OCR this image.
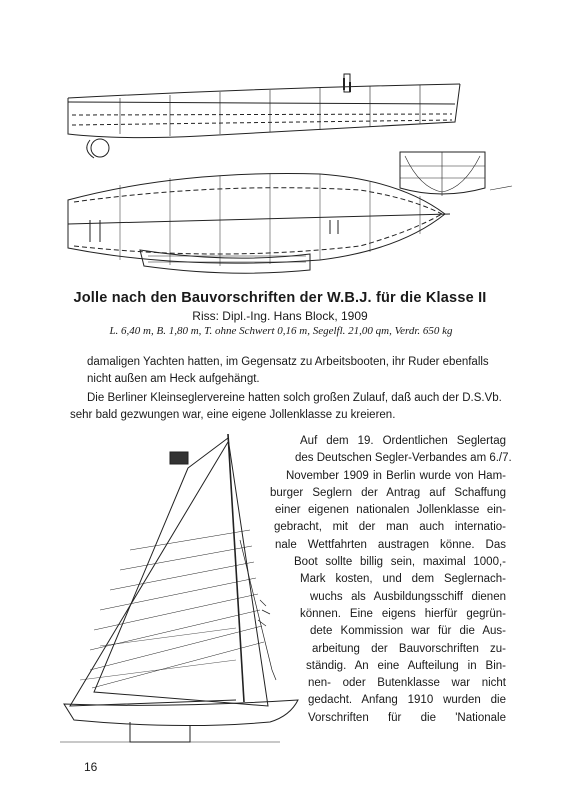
Jolle nach den Bauvorschriften der W.B.J. für die Klasse II
Riss: Dipl.-Ing. Hans Block, 1909
L. 6,40 m, B. 1,80 m, T. ohne Schwert 0,16 m, Segelfl. 21,00 qm, Verdr. 650 kg
damaligen Yachten hatten, im Gegensatz zu Arbeitsbooten, ihr Ruder ebenfalls nicht außen am Heck aufgehängt.
Die Berliner Kleinseglervereine hatten solch großen Zulauf, daß auch der D.S.Vb. sehr bald gezwungen war, eine eigene Jollenklasse zu kreieren.
Auf dem 19. Ordentlichen Seglertag
des Deutschen Segler-Verbandes am 6./7.
November 1909 in Berlin wurde von Ham-
burger Seglern der Antrag auf Schaffung
einer eigenen nationalen Jollenklasse ein-
gebracht, mit der man auch internatio-
nale Wettfahrten austragen könne. Das
Boot sollte billig sein, maximal 1000,-
Mark kosten, und dem Seglernach-
wuchs als Ausbildungsschiff dienen
können. Eine eigens hierfür gegrün-
dete Kommission war für die Aus-
arbeitung der Bauvorschriften zu-
ständig. An eine Aufteilung in Bin-
nen- oder Butenklasse war nicht
gedacht. Anfang 1910 wurden die
Vorschriften für die 'Nationale
16
